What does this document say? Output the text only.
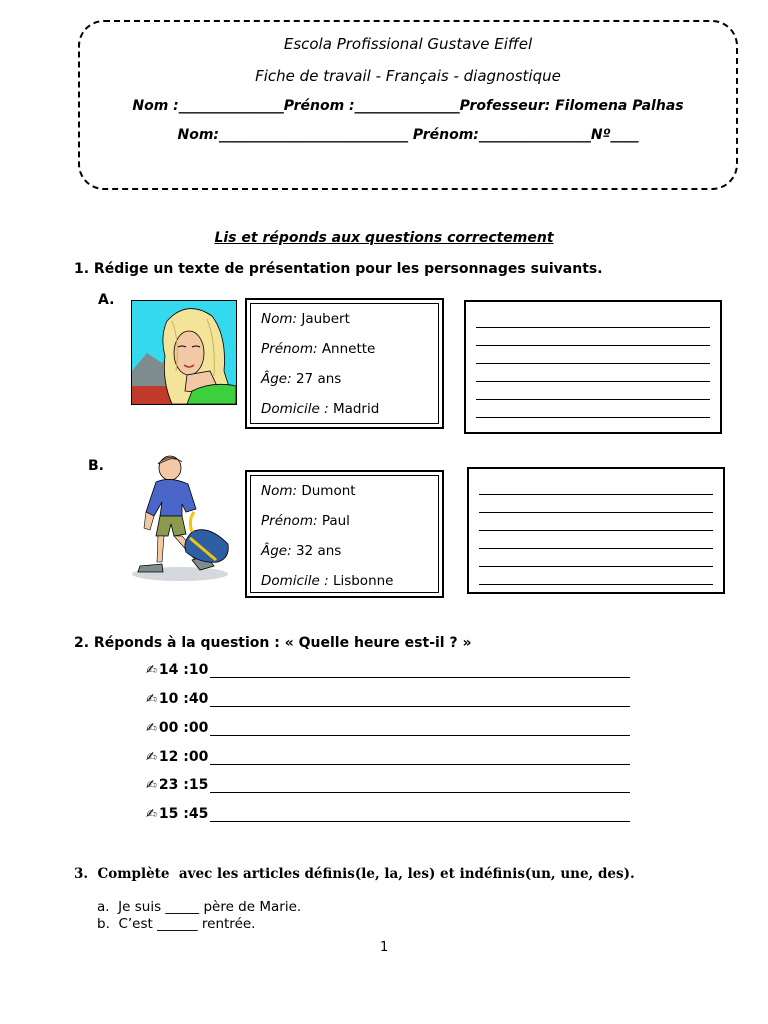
Escola Profissional Gustave Eiffel
Fiche de travail - Français - diagnostique
Nom :_______________Prénom :_______________Professeur: Filomena Palhas
Nom:___________________________ Prénom:________________Nº____
Lis et réponds aux questions correctement
1. Rédige un texte de présentation pour les personnages suivants.
A.
Nom: Jaubert
Prénom: Annette
Âge: 27 ans
Domicile : Madrid
B.
Nom: Dumont
Prénom: Paul
Âge: 32 ans
Domicile : Lisbonne
2. Réponds à la question : « Quelle heure est-il ? »
✍ 14 :10
✍ 10 :40
✍ 00 :00
✍ 12 :00
✍ 23 :15
✍ 15 :45
3.  Complète  avec les articles définis(le, la, les) et indéfinis(un, une, des).
a. Je suis _____ père de Marie.
b. C’est ______ rentrée.
1
